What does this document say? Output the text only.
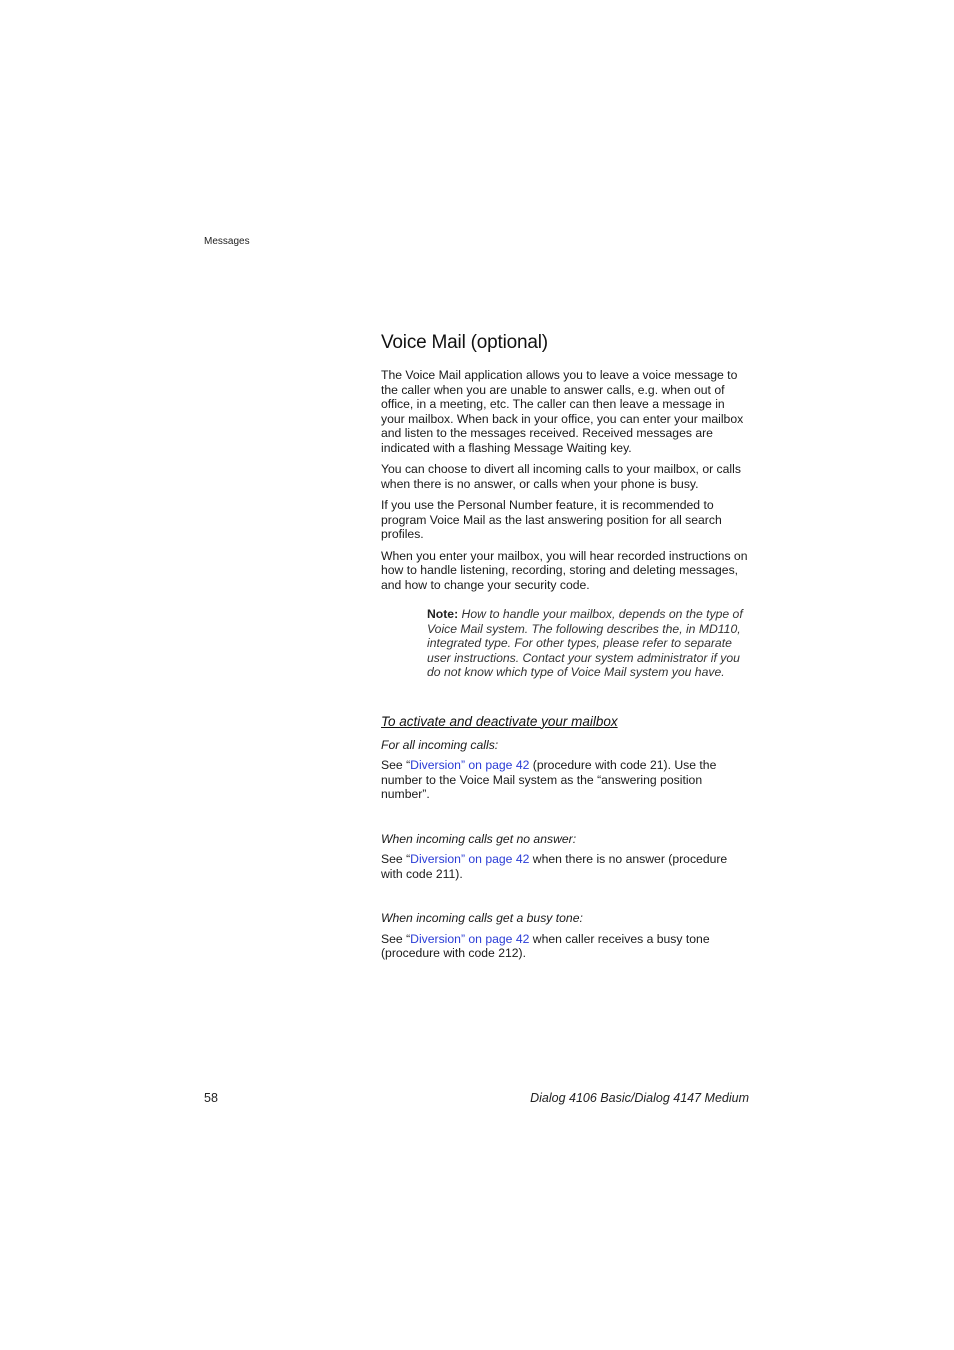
Messages
Voice Mail (optional)

The Voice Mail application allows you to leave a voice message to the caller when you are unable to answer calls, e.g. when out of office, in a meeting, etc. The caller can then leave a message in your mailbox. When back in your office, you can enter your mailbox and listen to the messages received. Received messages are indicated with a flashing Message Waiting key.

You can choose to divert all incoming calls to your mailbox, or calls when there is no answer, or calls when your phone is busy.

If you use the Personal Number feature, it is recommended to program Voice Mail as the last answering position for all search profiles.

When you enter your mailbox, you will hear recorded instructions on how to handle listening, recording, storing and deleting messages, and how to change your security code.

Note: How to handle your mailbox, depends on the type of Voice Mail system. The following describes the, in MD110, integrated type. For other types, please refer to separate user instructions. Contact your system administrator if you do not know which type of Voice Mail system you have.
To activate and deactivate your mailbox

For all incoming calls:

See “Diversion” on page 42 (procedure with code 21). Use the number to the Voice Mail system as the “answering position number”.

When incoming calls get no answer:

See “Diversion” on page 42 when there is no answer (procedure with code 211).

When incoming calls get a busy tone:

See “Diversion” on page 42 when caller receives a busy tone (procedure with code 212).

58	Dialog 4106 Basic/Dialog 4147 Medium
